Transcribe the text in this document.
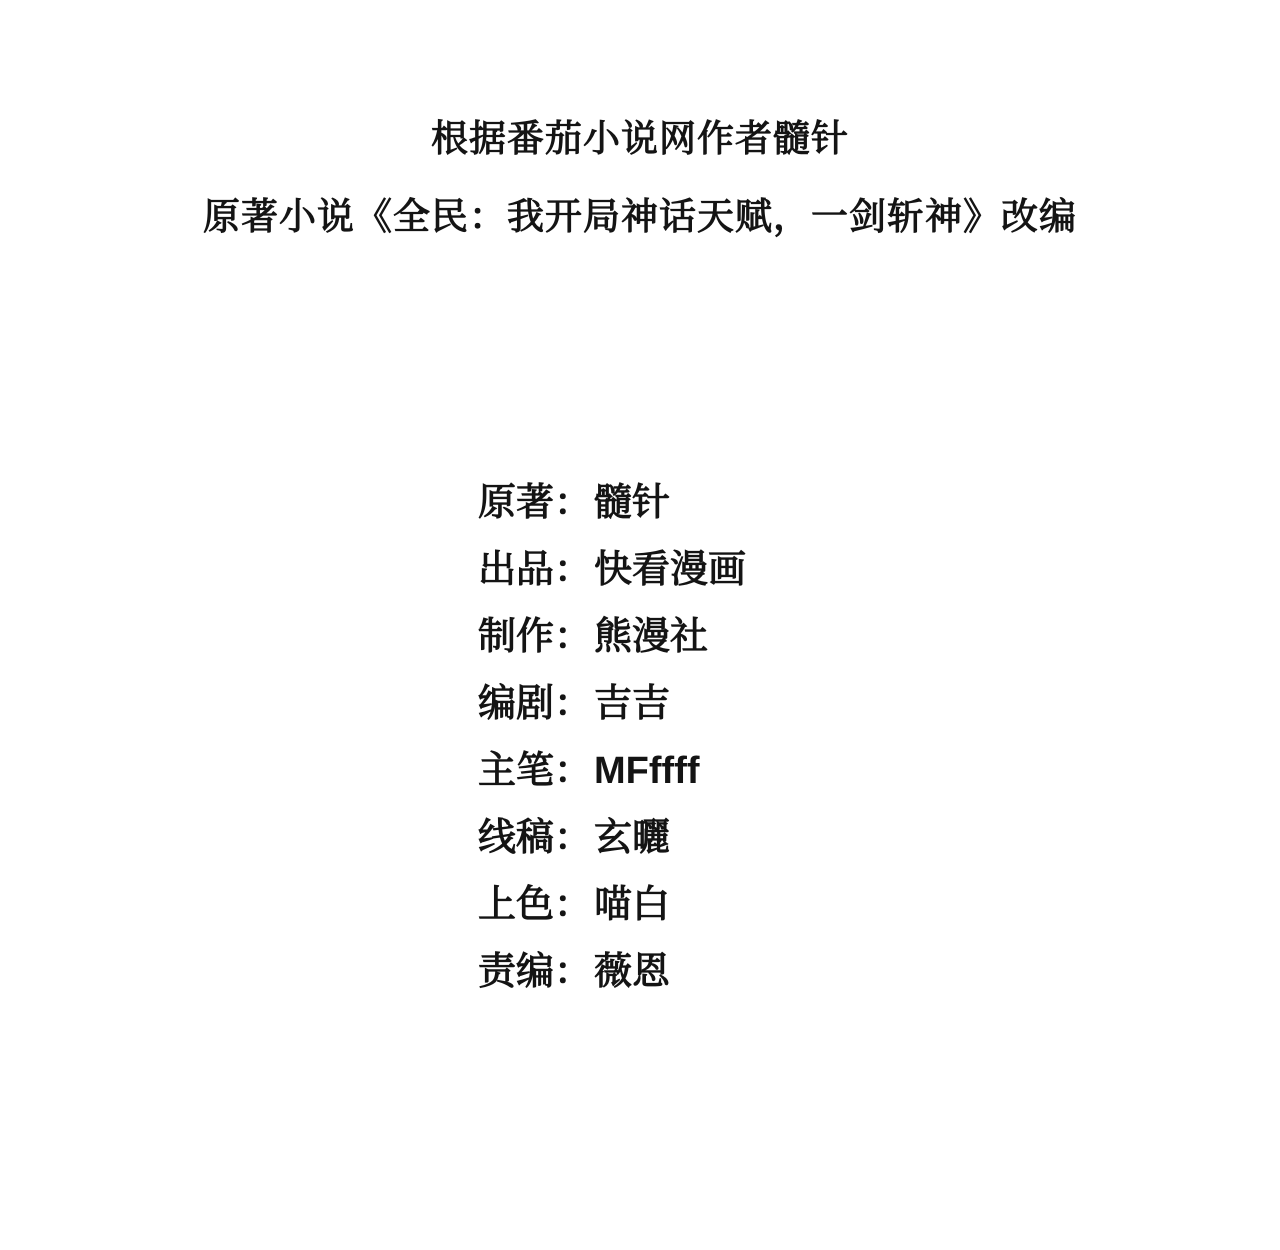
根据番茄小说网作者髓针
原著小说《全民：我开局神话天赋，一剑斩神》改编
原著 ： 髓针
出品 ： 快看漫画
制作 ： 熊漫社
编剧 ： 吉吉
主笔 ： MFffff
线稿 ： 玄曬
上色 ： 喵白
责编 ： 薇恩
